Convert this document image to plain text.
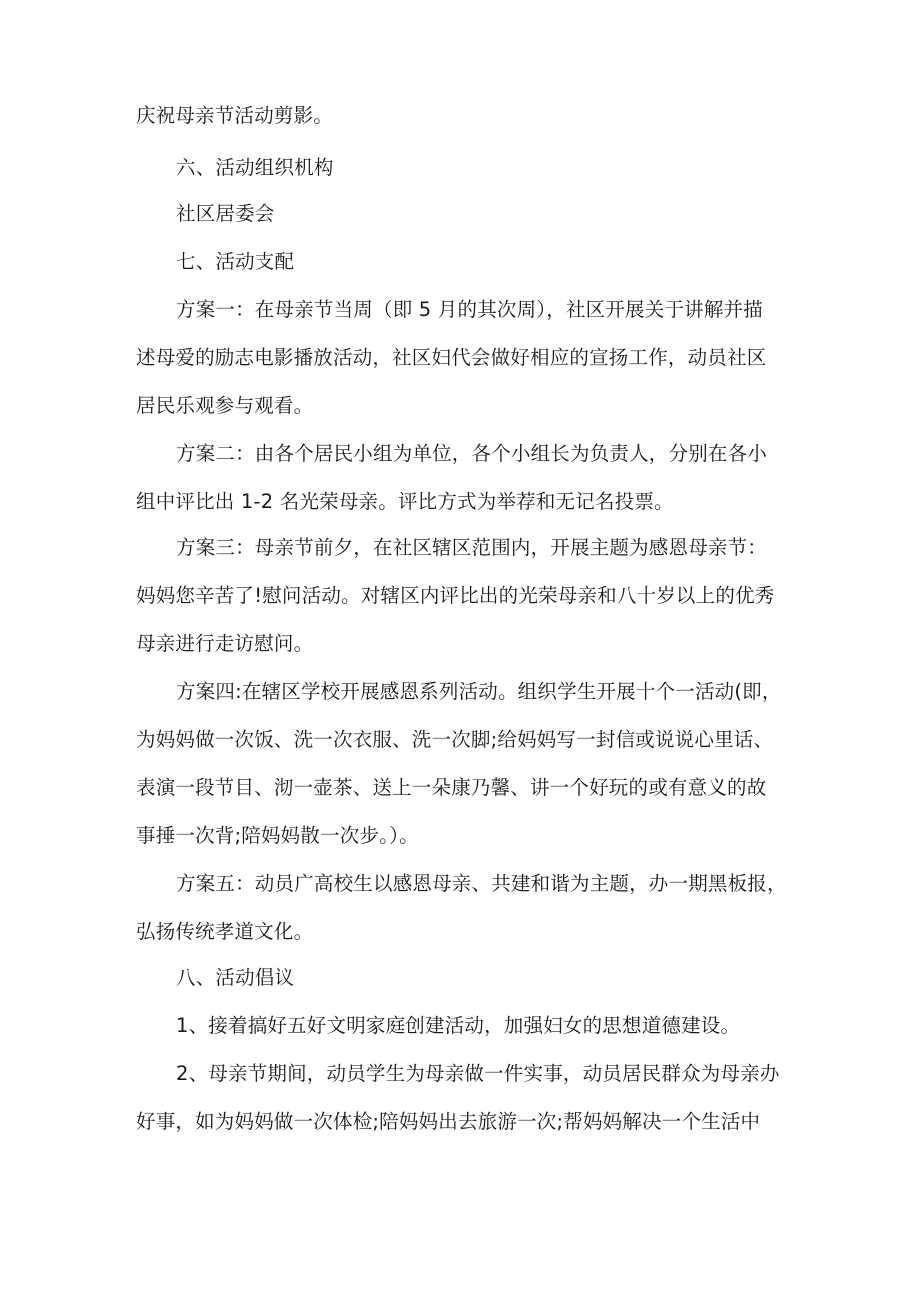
庆祝母亲节活动剪影。

六、活动组织机构

社区居委会

七、活动支配

方案一：在母亲节当周（即 5 月的其次周），社区开展关于讲解并描
述母爱的励志电影播放活动，社区妇代会做好相应的宣扬工作，动员社区
居民乐观参与观看。
方案二：由各个居民小组为单位，各个小组长为负责人，分别在各小
组中评比出 1-2 名光荣母亲。评比方式为举荐和无记名投票。
方案三：母亲节前夕，在社区辖区范围内，开展主题为感恩母亲节：
妈妈您辛苦了!慰问活动。对辖区内评比出的光荣母亲和八十岁以上的优秀
母亲进行走访慰问。
方案四:在辖区学校开展感恩系列活动。组织学生开展十个一活动(即，
为妈妈做一次饭、洗一次衣服、洗一次脚;给妈妈写一封信或说说心里话、
表演一段节目、沏一壶茶、送上一朵康乃馨、讲一个好玩的或有意义的故
事捶一次背;陪妈妈散一次步。）。
方案五：动员广高校生以感恩母亲、共建和谐为主题，办一期黑板报，
弘扬传统孝道文化。

八、活动倡议

1、接着搞好五好文明家庭创建活动，加强妇女的思想道德建设。

2、母亲节期间，动员学生为母亲做一件实事，动员居民群众为母亲办
好事，如为妈妈做一次体检;陪妈妈出去旅游一次;帮妈妈解决一个生活中
